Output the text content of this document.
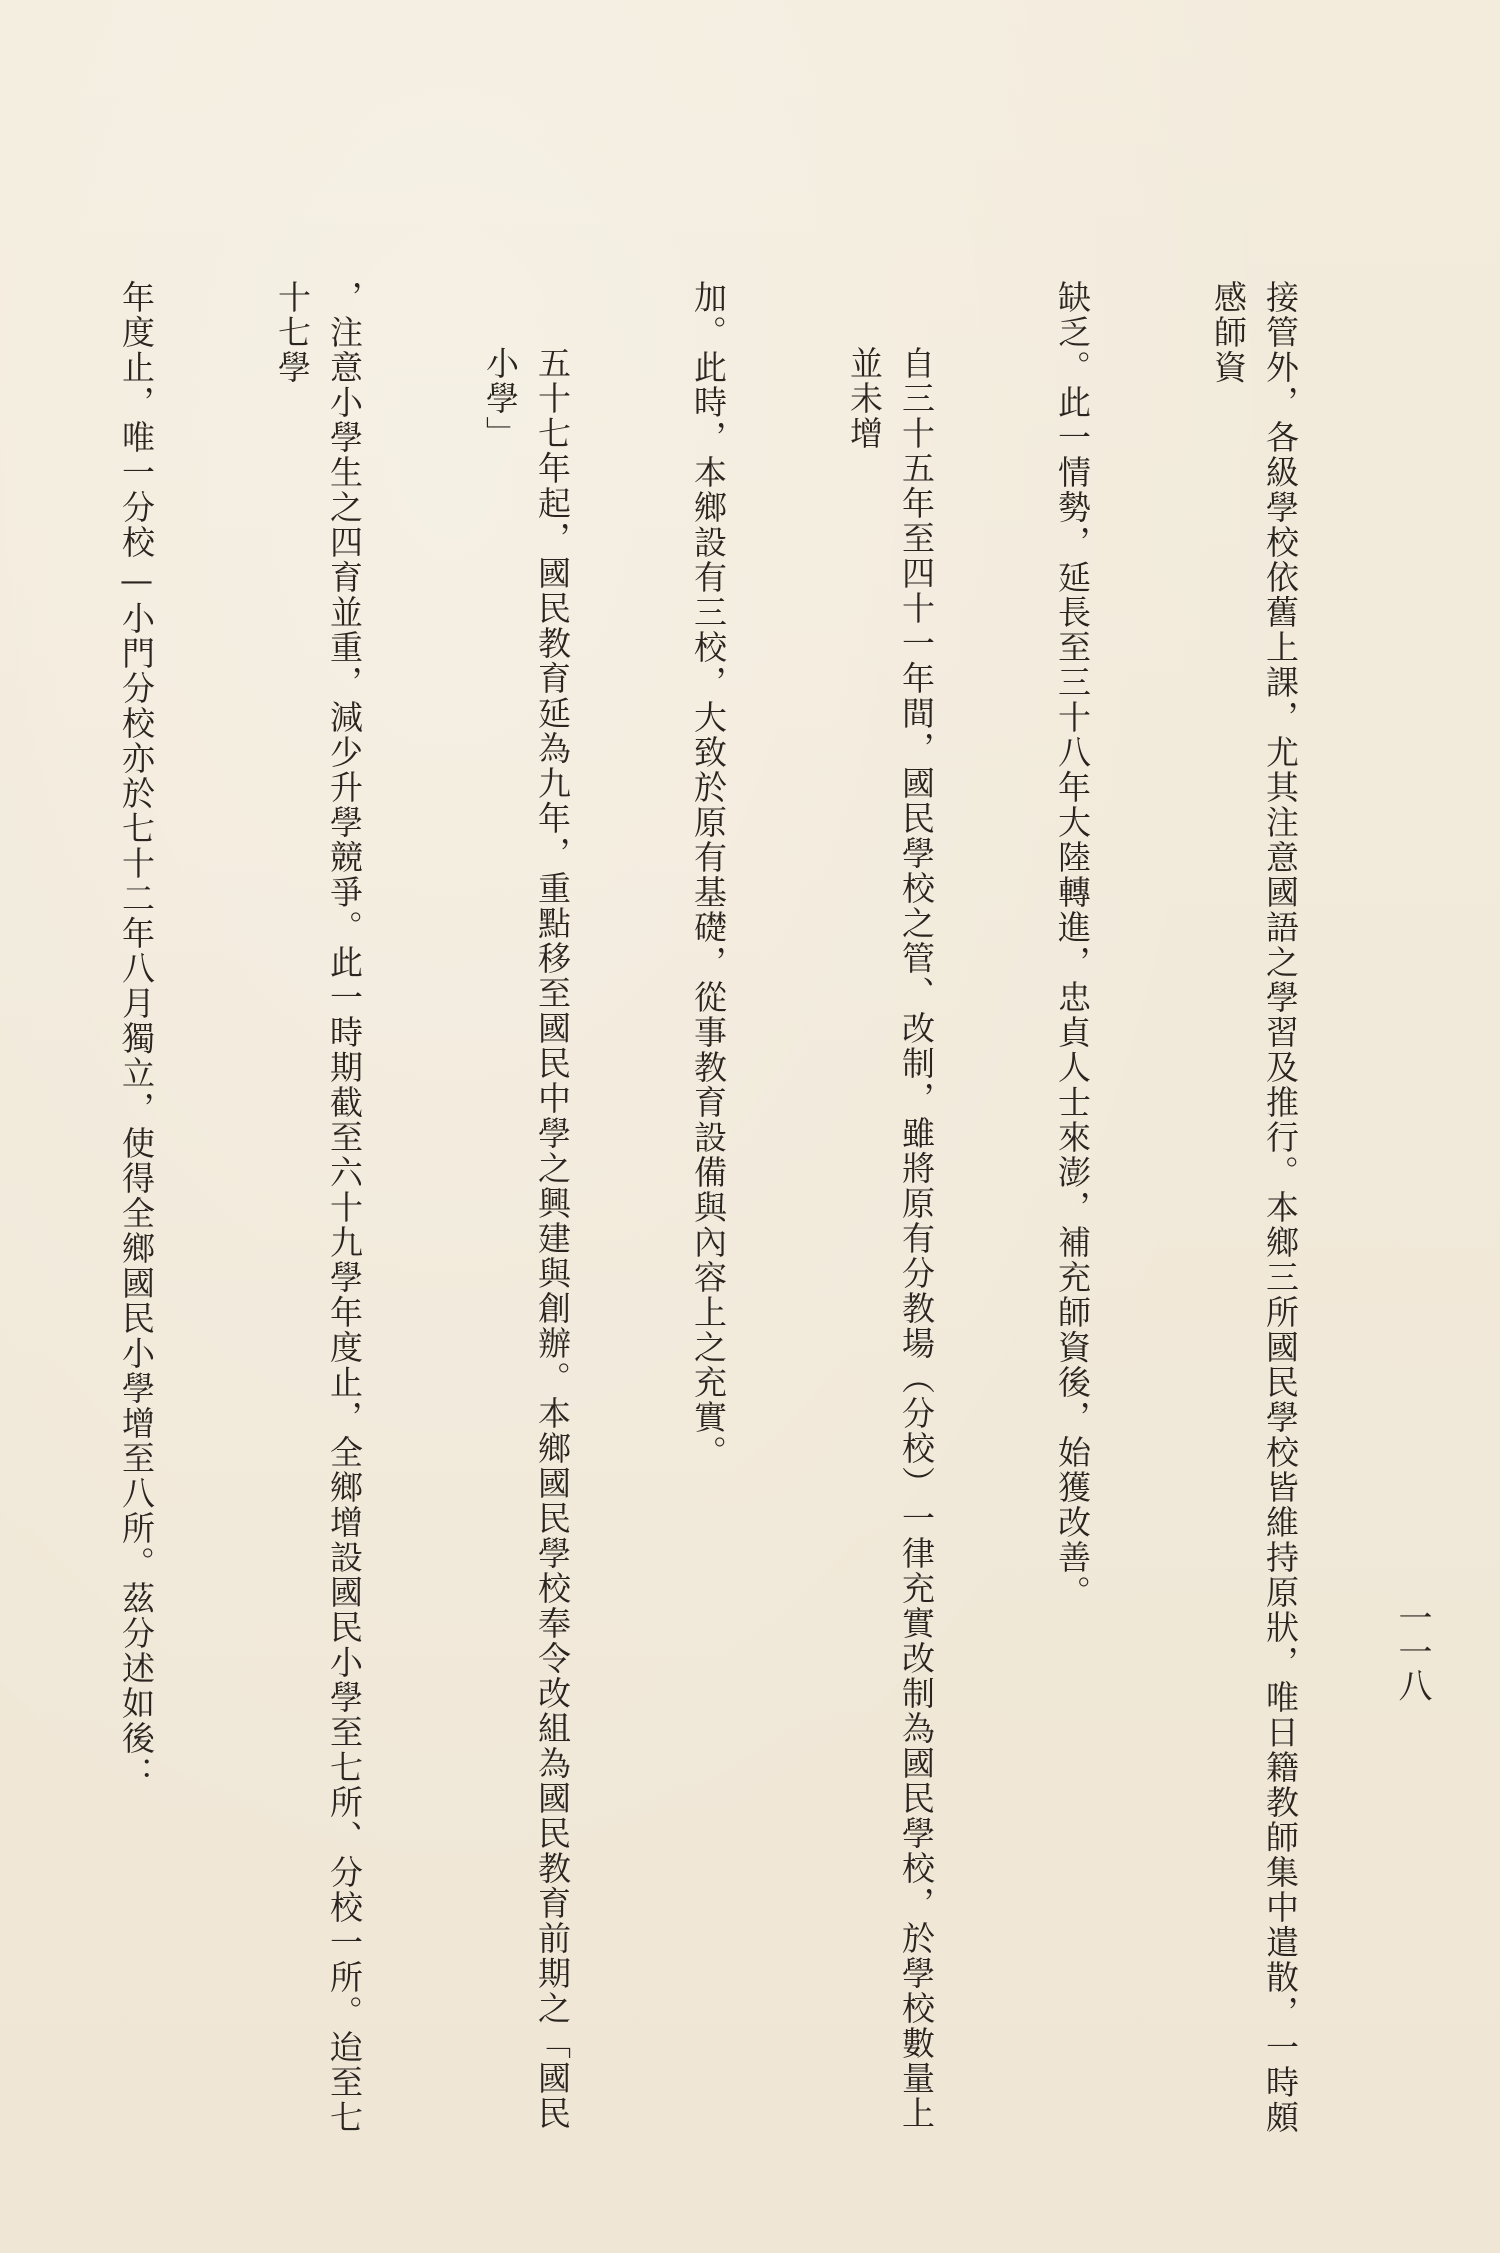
一一八

接管外，各級學校依舊上課，尤其注意國語之學習及推行。本鄉三所國民學校皆維持原狀，唯日籍教師集中遣散，一時頗感師資

缺乏。此一情勢，延長至三十八年大陸轉進，忠貞人士來澎，補充師資後，始獲改善。

自三十五年至四十一年間，國民學校之管、改制，雖將原有分教場（分校）一律充實改制為國民學校，於學校數量上並未增

加。此時，本鄉設有三校，大致於原有基礎，從事教育設備與內容上之充實。

五十七年起，國民教育延為九年，重點移至國民中學之興建與創辦。本鄉國民學校奉令改組為國民教育前期之「國民小學」

，注意小學生之四育並重，減少升學競爭。此一時期截至六十九學年度止，全鄉增設國民小學至七所、分校一所。迨至七十七學

年度止，唯一分校—小門分校亦於七十二年八月獨立，使得全鄉國民小學增至八所。茲分述如後：
